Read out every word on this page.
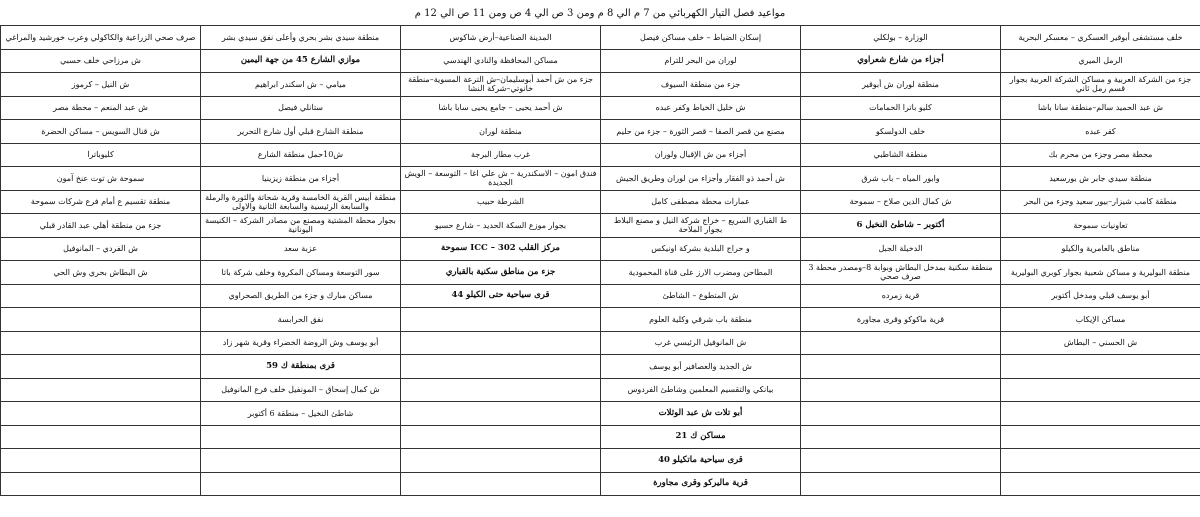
مواعيد فصل التيار الكهربائي من 7 م الي 8 م ومن 3 ص الي 4 ص ومن 11 ص الي 12 م
خلف مستشفى أبوقير العسكري – معسكر البحرية	الوزارة – بولكلي	إسكان الضباط – خلف مساكن فيصل	المدينة الصناعية–أرض شاكوس	منطقة سيدي بشر بحري وأعلى نفق سيدي بشر	صرف صحي الزراعية والكاكولي وعرب خورشيد والمراغي
الرمل الميري	أجزاء من شارع شعراوي	لوران من البحر للترام	مساكن المحافظة والنادي الهندسي	موازي الشارع 45 من جهة اليمين	ش مرزاحي خلف حسبي
جزء من الشركة العربية و مساكن الشركة العربية بجوار قسم رمل ثاني	منطقة لوران ش أبوقير	جزء من منطقة السيوف	جزء من ش أحمد أبوسليمان–ش الترعة المسوية–منطقة خانوتي–شركة النشا	ميامي – ش اسكندر ابراهيم	ش النيل – كرموز
ش عبد الحميد سالم–منطقة سانا باشا	كليو باترا الحمامات	ش خليل الخياط وكفر عبده	ش أحمد يحيى – جامع يحيى سابا باشا	ستانلي فيصل	ش عبد المنعم – محطة مصر
كفر عبده	خلف الدولسكو	مصنع من قصر الصفا – قصر الثورة – جزء من حليم	منطقة لوران	منطقة الشارع قبلي أول شارع التحرير	ش قنال السويس – مساكن الحضرة
محطة مصر وجزء من محرم بك	منطقة الشاطبي	أجزاء من ش الإقبال ولوران	غرب مطار البرجة	ش10حمل منطقة الشارع	كليوباترا
منطقة سيدي جابر ش بورسعيد	وابور المياه – باب شرق	ش أحمد ذو الفقار وأجزاء من لوران وطريق الجيش	فندق امون – الاسكندرية – ش علي اغا – التوسعة – الويش الجديدة	أجزاء من منطقة زيزينيا	سموحة ش توت عنخ آمون
منطقة كامب شيزار–بيور سعيد وجزء من البحر	ش كمال الدين صلاح – سموحة	عمارات محطة مصطفى كامل	الشرطة حبيب	منطقة أبيس القرية الخامسة وقرية شحاتة والثورة والرملة والسابعة الرئيسية والسابعة الثانية والاولى	منطقة تقسيم ع أمام فرع شركات سموحة
تعاونيات سموحة	أكتوبر – شاطئ النخيل 6	ط القباري السريع – خراج شركة النيل و مصنع البلاط بجوار الملاحة	بجوار موزع السكة الحديد – شارع حسيو	بجوار محطة المشتية ومصنع من مصادر الشركة – الكنيسة اليونانية	جزء من منطقة أهلي عبد القادر قبلي
مناطق بالعامرية والكيلو	الدخيلة الجبل	و حراج البلدية بشركة اونيكس	مركز القلب ICC – 302 سموحة	عزبة سعد	ش الفردي – المانوفيل
منطقة البوليرية و مساكن شعبية بجوار كوبري البوليرية	منطقة سكنية بمدخل البطاش وبوابة 8–ومصدر محطة 3 صرف صحي	المطاحن ومضرب الارز على قناة المحمودية	جزء من مناطق سكنية بالقباري	سور التوسعة ومساكن المكروة وخلف شركة باتا	ش البطاش بحري وش الحي
أبو يوسف قبلي ومدخل أكتوبر	قرية زمرده	ش المتطوع – الشاطئ	قرى سياحية حتى الكيلو 44	مساكن مبارك و جزء من الطريق الصحراوي	
مساكن الإيكاب	قرية ماكوكو وقرى مجاورة	منطقة باب شرقي وكلية العلوم		نفق الحرابسة	
ش الحسني – البطاش		ش المانوفيل الرئيسي غرب		أبو يوسف وش الروضة الخضراء وقرية شهر زاد	
		ش الجديد والعصافير أبو يوسف		قرى بمنطقة ك 59	
		بيانكي والتقسيم المعلمين وشاطئ الفردوس		ش كمال إسحاق – المونفيل خلف فرع المانوفيل	
		أبو تلات ش عبد الوثلات		شاطئ النخيل – منطقة 6 أكتوبر	
		مساكن ك 21			
		قرى سياحية ماتكيلو 40			
		قرية ماليركو وقرى مجاورة			
